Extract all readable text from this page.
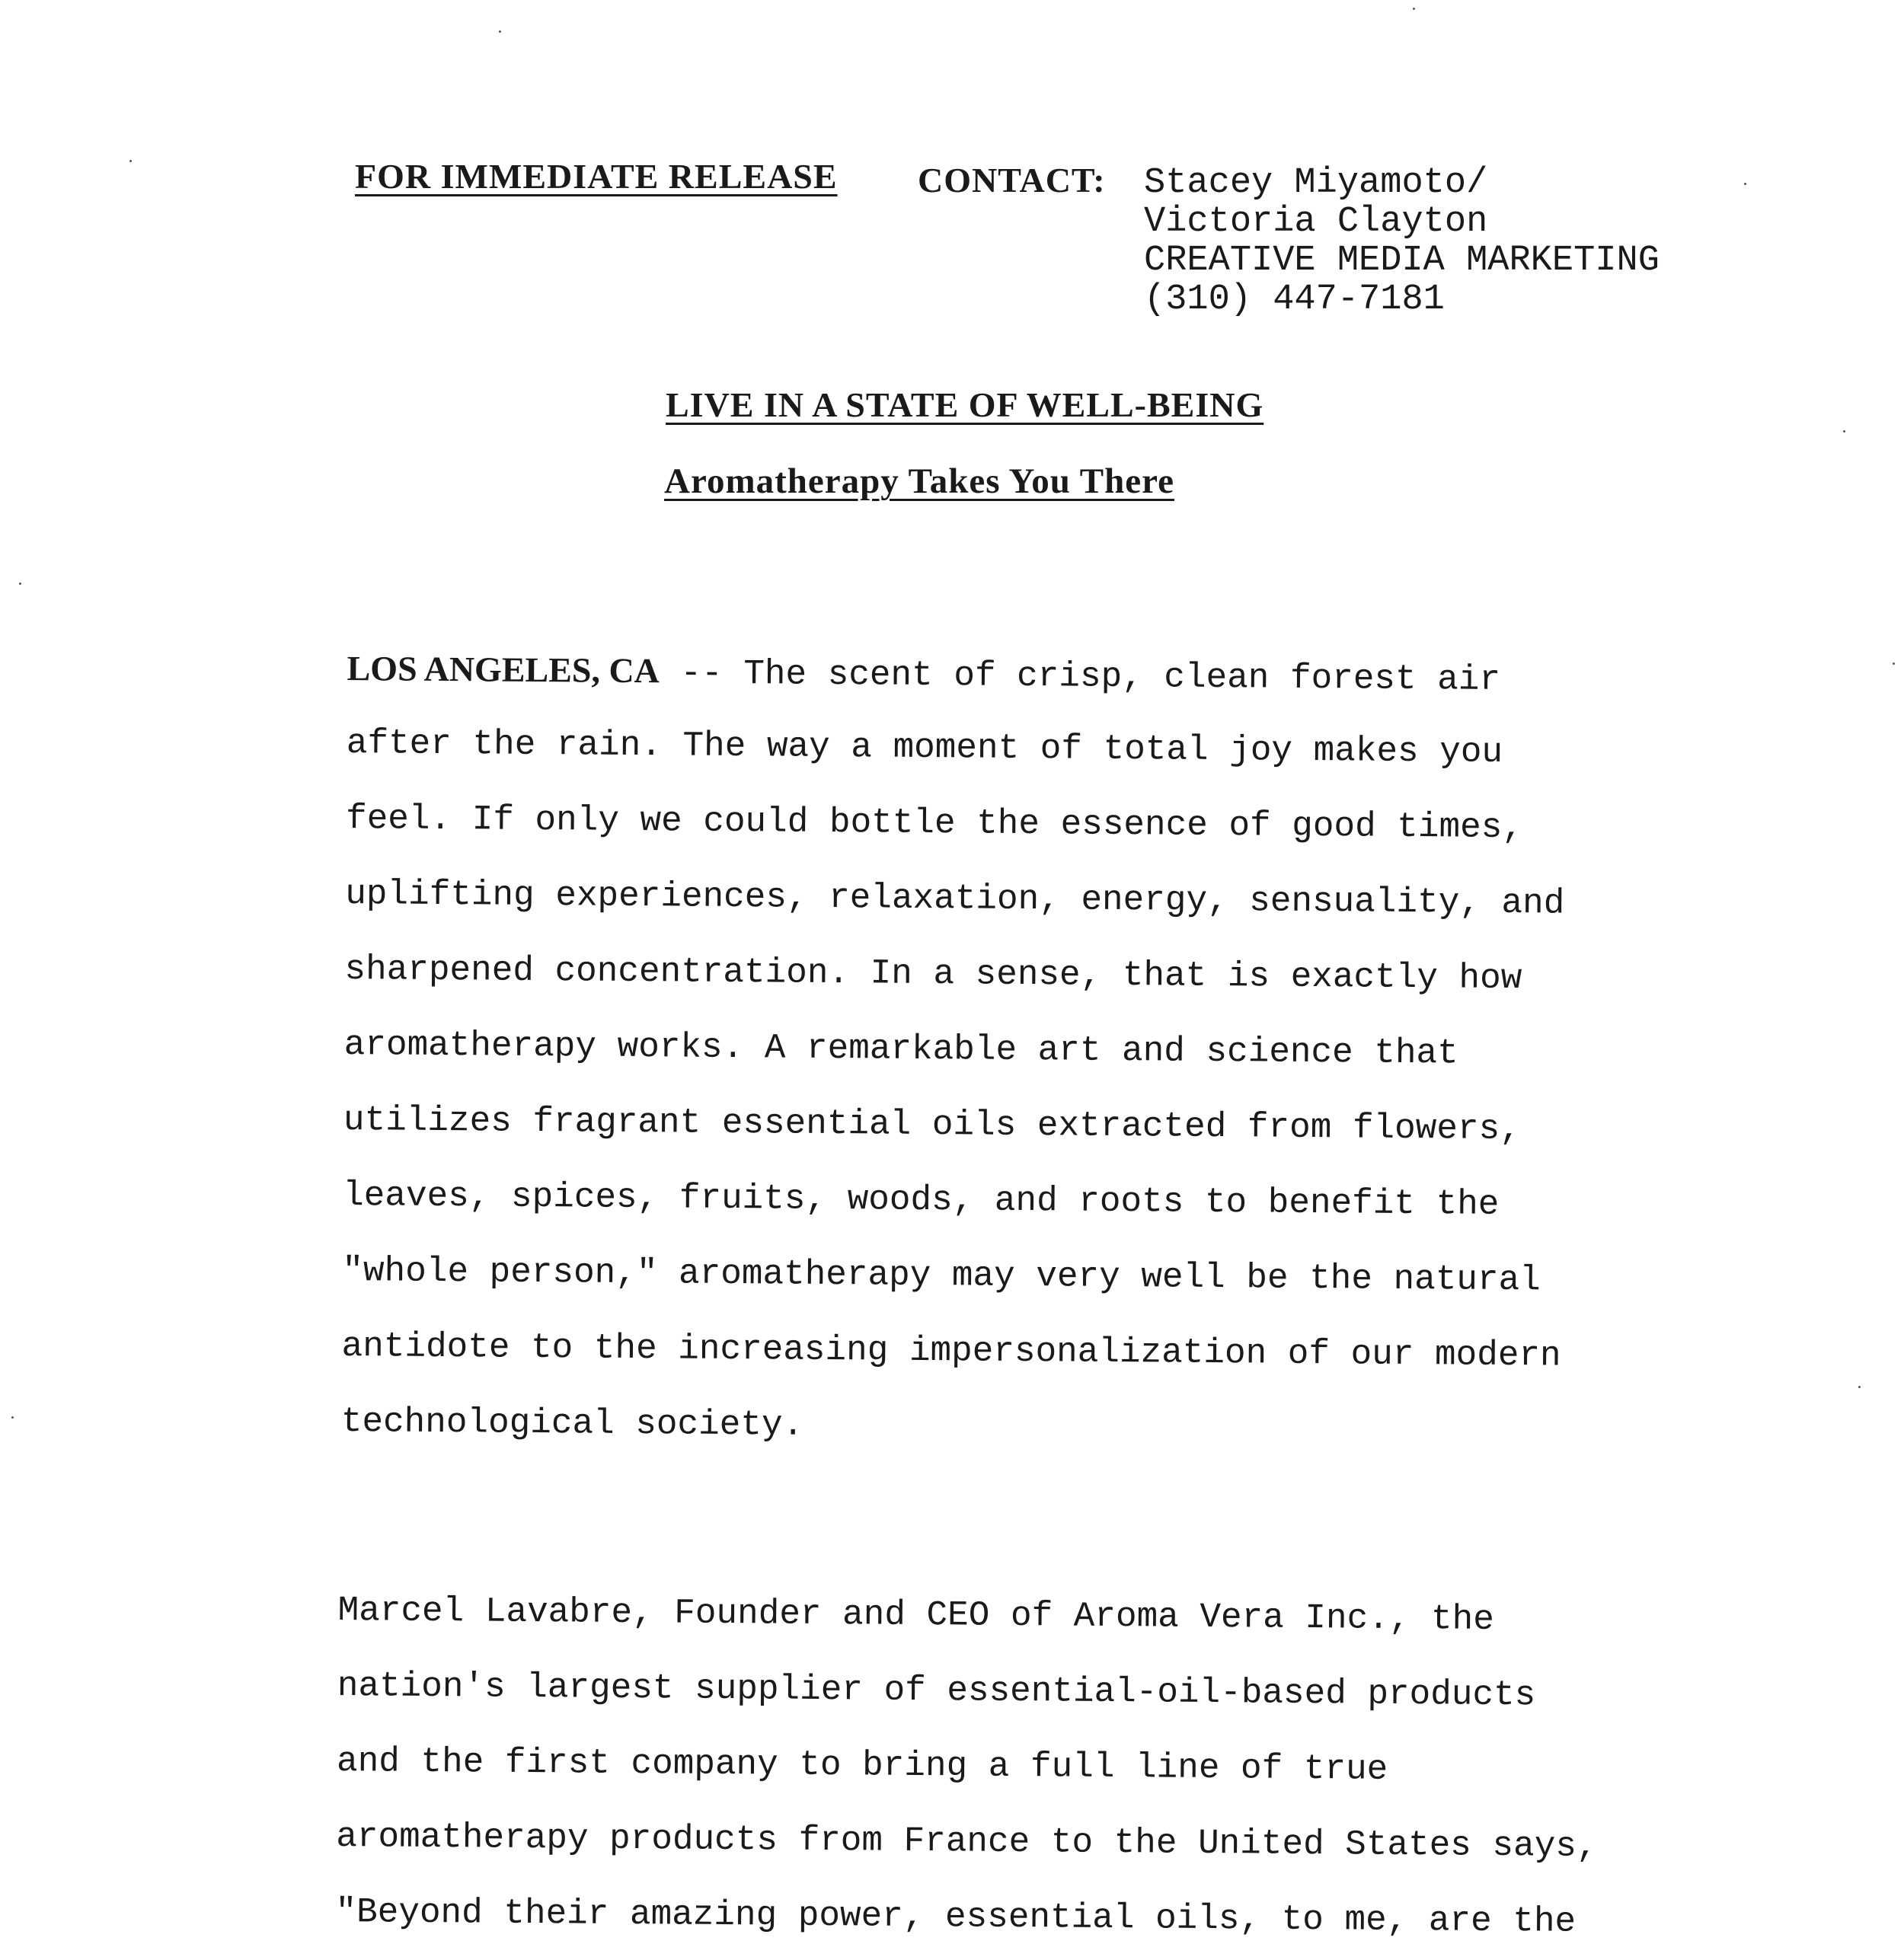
FOR IMMEDIATE RELEASE CONTACT: Stacey Miyamoto/
Victoria Clayton
CREATIVE MEDIA MARKETING
(310) 447-7181
LIVE IN A STATE OF WELL-BEING
Aromatherapy Takes You There
LOS ANGELES, CA -- The scent of crisp, clean forest air
after the rain. The way a moment of total joy makes you
feel. If only we could bottle the essence of good times,
uplifting experiences, relaxation, energy, sensuality, and
sharpened concentration. In a sense, that is exactly how
aromatherapy works. A remarkable art and science that
utilizes fragrant essential oils extracted from flowers,
leaves, spices, fruits, woods, and roots to benefit the
"whole person," aromatherapy may very well be the natural
antidote to the increasing impersonalization of our modern
technological society.
Marcel Lavabre, Founder and CEO of Aroma Vera Inc., the
nation's largest supplier of essential-oil-based products
and the first company to bring a full line of true
aromatherapy products from France to the United States says,
"Beyond their amazing power, essential oils, to me, are the
